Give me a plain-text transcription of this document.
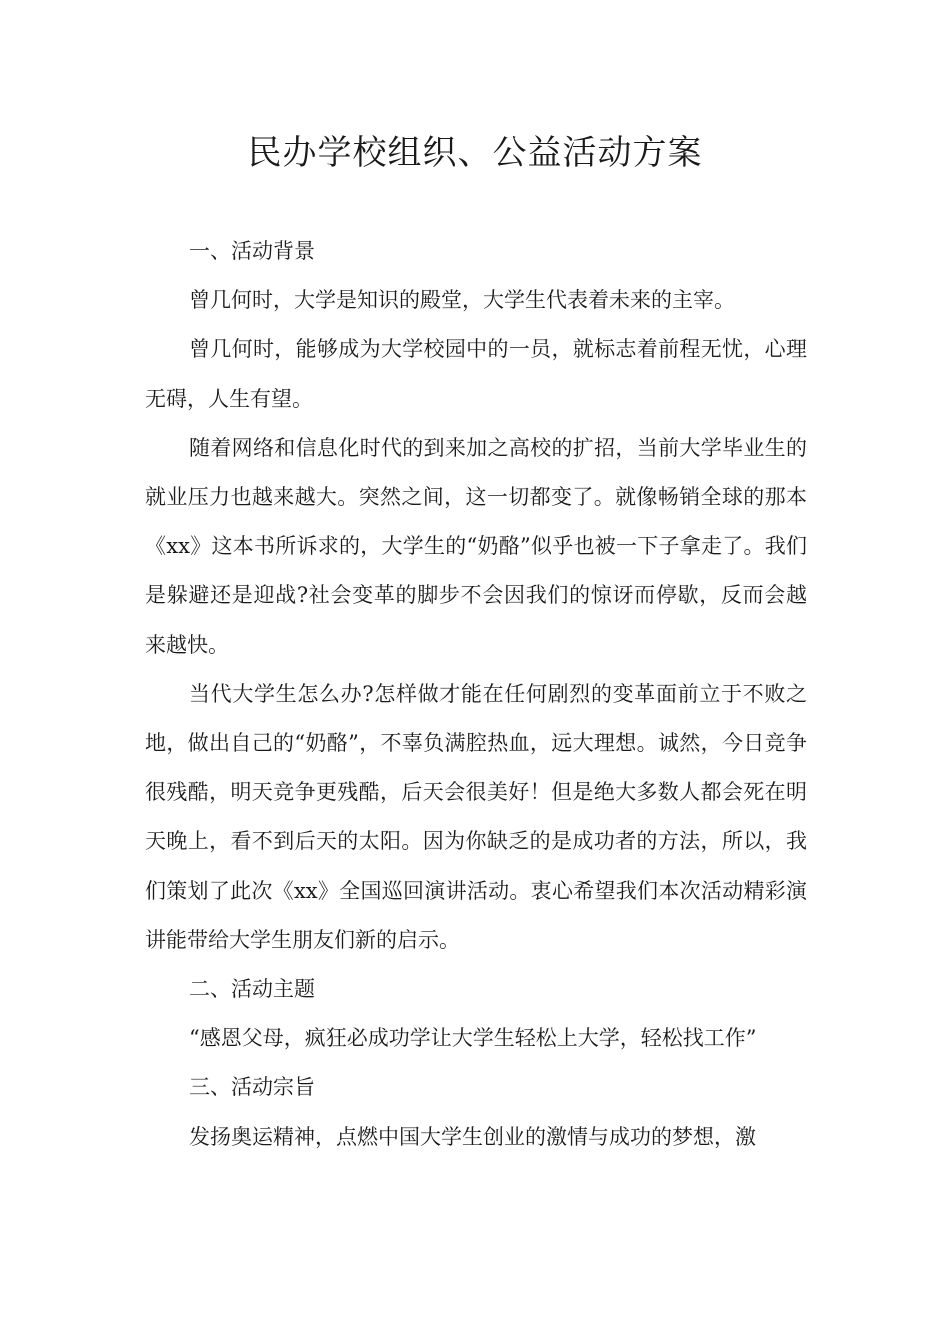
民办学校组织、公益活动方案

一、活动背景

曾几何时，大学是知识的殿堂，大学生代表着未来的主宰。

曾几何时，能够成为大学校园中的一员，就标志着前程无忧，心理无碍，人生有望。

随着网络和信息化时代的到来加之高校的扩招，当前大学毕业生的就业压力也越来越大。突然之间，这一切都变了。就像畅销全球的那本《xx》这本书所诉求的，大学生的“奶酪”似乎也被一下子拿走了。我们是躲避还是迎战?社会变革的脚步不会因我们的惊讶而停歇，反而会越来越快。

当代大学生怎么办?怎样做才能在任何剧烈的变革面前立于不败之地，做出自己的“奶酪”，不辜负满腔热血，远大理想。诚然，今日竞争很残酷，明天竞争更残酷，后天会很美好！但是绝大多数人都会死在明天晚上，看不到后天的太阳。因为你缺乏的是成功者的方法，所以，我们策划了此次《xx》全国巡回演讲活动。衷心希望我们本次活动精彩演讲能带给大学生朋友们新的启示。

二、活动主题

“感恩父母，疯狂必成功学让大学生轻松上大学，轻松找工作”

三、活动宗旨

发扬奥运精神，点燃中国大学生创业的激情与成功的梦想，激
